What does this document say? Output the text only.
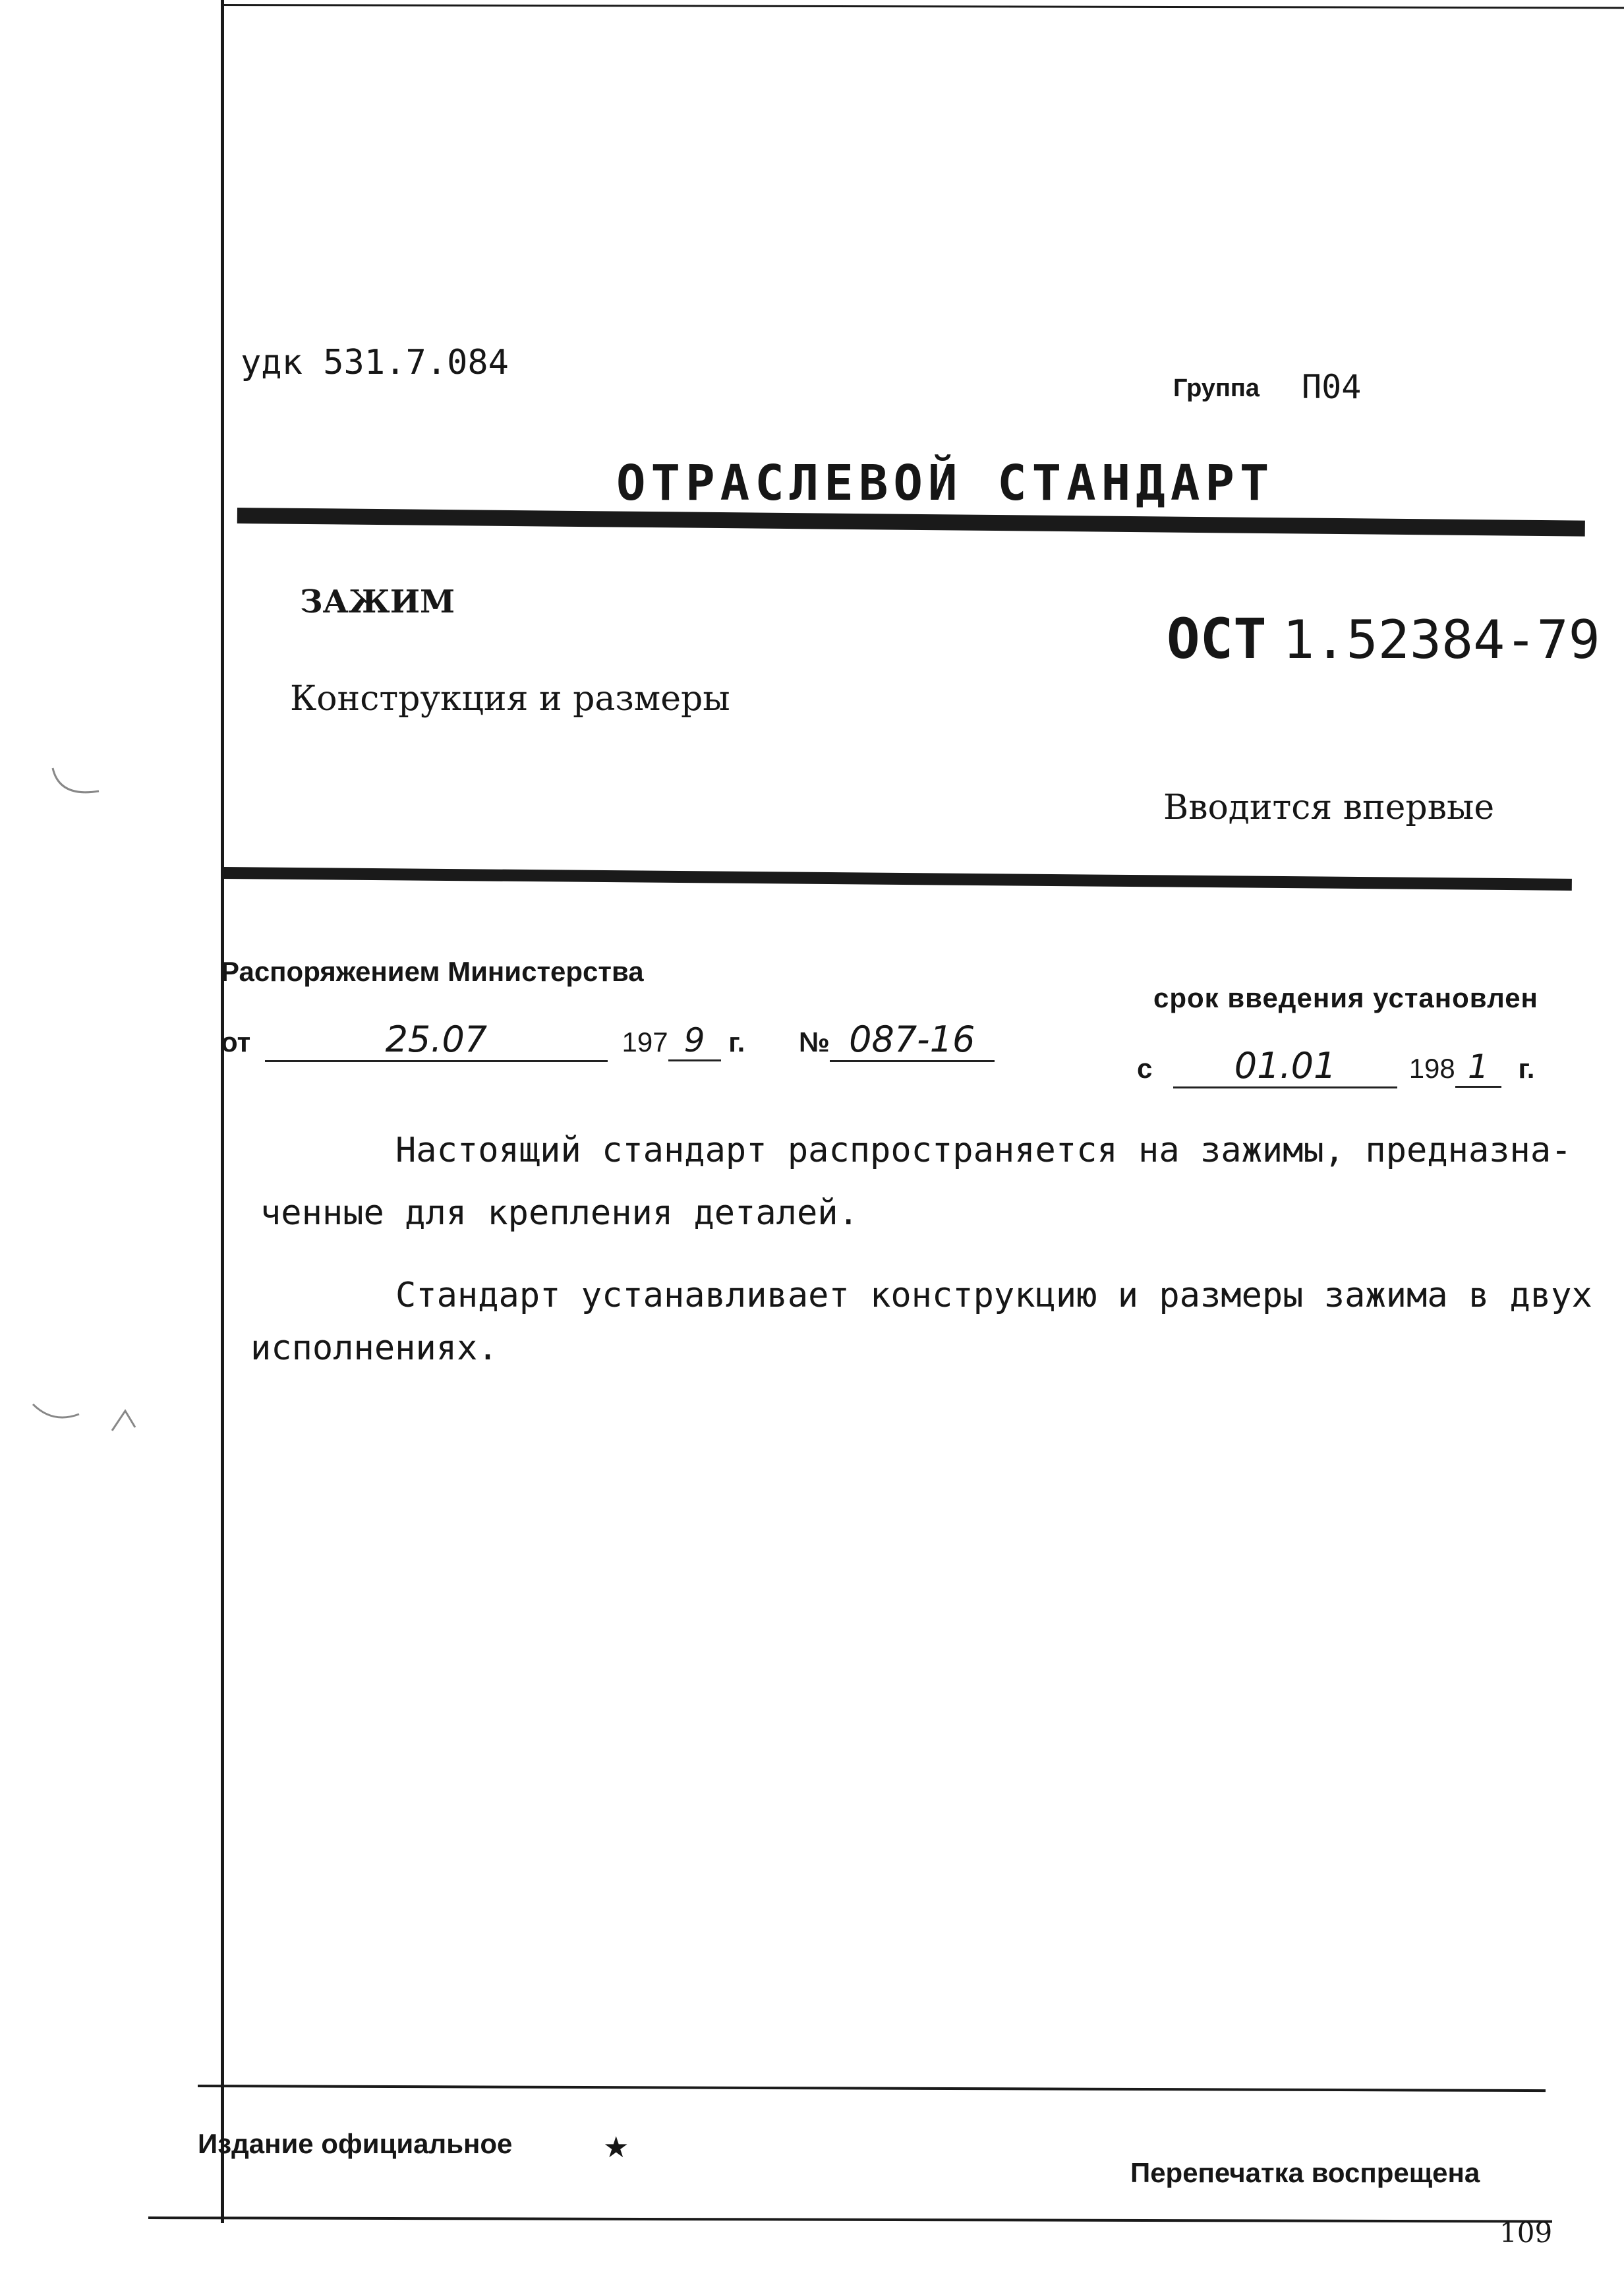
удк 531.7.084
Группа П04
ОТРАСЛЕВОЙ СТАНДАРТ
ЗАЖИМ
Конструкция и размеры
ОСТ 1.52384-79
Вводится впервые
Распоряжением Министерства
от	25.07	197 9 г. № 087-16
срок введения установлен
с 01.01	198 1 г.
Настоящий стандарт распространяется на зажимы, предназна-
ченные для крепления деталей.
Стандарт устанавливает конструкцию и размеры зажима в двух
исполнениях.
Издание официальное	★
Перепечатка воспрещена
109
